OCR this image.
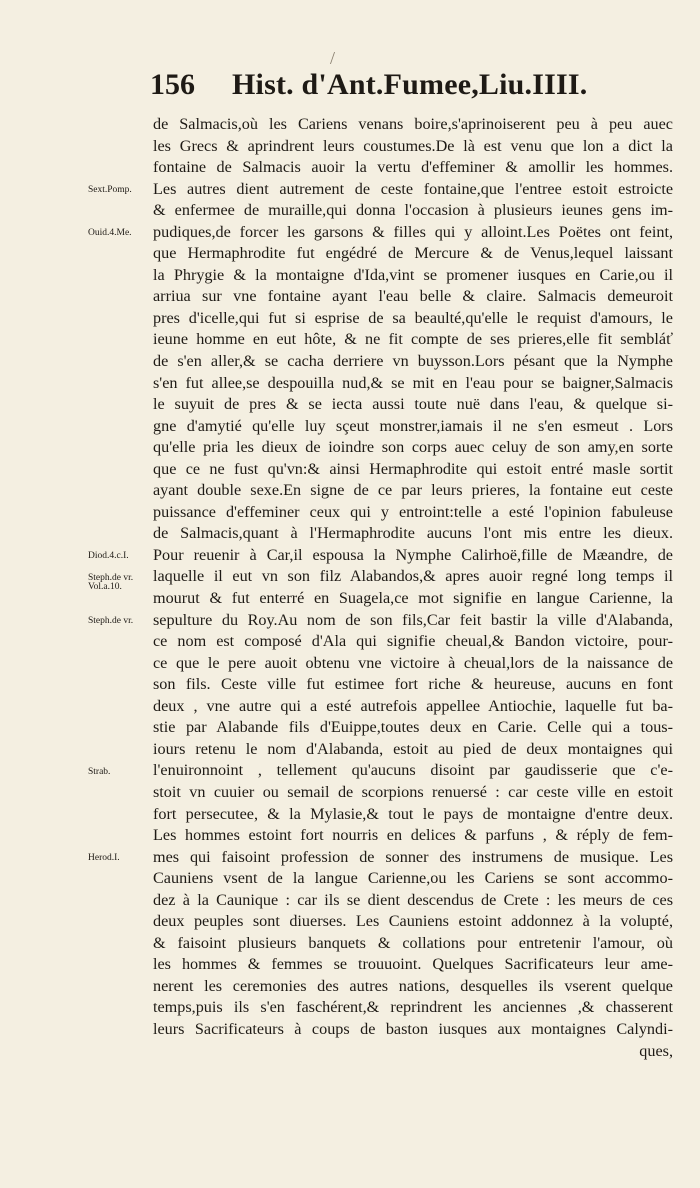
/
156 Hist. d'Ant.Fumee,Liu.IIII.
Sext.Pomp.
Ouid.4.Me.
Diod.4.c.I.
Steph.de vr.
Vol.a.10.
Steph.de vr.
Strab.
Herod.I.
de Salmacis,où les Cariens venans boire,s'aprinoiserent peu à peu auec
les Grecs & aprindrent leurs coustumes.De là est venu que lon a dict la
fontaine de Salmacis auoir la vertu d'effeminer & amollir les hommes.
Les autres dient autrement de ceste fontaine,que l'entree estoit estroicte
& enfermee de muraille,qui donna l'occasion à plusieurs ieunes gens im-
pudiques,de forcer les garsons & filles qui y alloint.Les Poëtes ont feint,
que Hermaphrodite fut engédré de Mercure & de Venus,lequel laissant
la Phrygie & la montaigne d'Ida,vint se promener iusques en Carie,ou il
arriua sur vne fontaine ayant l'eau belle & claire. Salmacis demeuroit
pres d'icelle,qui fut si esprise de sa beaulté,qu'elle le requist d'amours, le
ieune homme en eut hôte, & ne fit compte de ses prieres,elle fit sembláť
de s'en aller,& se cacha derriere vn buysson.Lors pésant que la Nymphe
s'en fut allee,se despouilla nud,& se mit en l'eau pour se baigner,Salmacis
le suyuit de pres & se iecta aussi toute nuë dans l'eau, & quelque si-
gne d'amytié qu'elle luy sçeut monstrer,iamais il ne s'en esmeut . Lors
qu'elle pria les dieux de ioindre son corps auec celuy de son amy,en sorte
que ce ne fust qu'vn:& ainsi Hermaphrodite qui estoit entré masle sortit
ayant double sexe.En signe de ce par leurs prieres, la fontaine eut ceste
puissance d'effeminer ceux qui y entroint:telle a esté l'opinion fabuleuse
de Salmacis,quant à l'Hermaphrodite aucuns l'ont mis entre les dieux.
Pour reuenir à Car,il espousa la Nymphe Calirhoë,fille de Mæandre, de
laquelle il eut vn son filz Alabandos,& apres auoir regné long temps il
mourut & fut enterré en Suagela,ce mot signifie en langue Carienne, la
sepulture du Roy.Au nom de son fils,Car feit bastir la ville d'Alabanda,
ce nom est composé d'Ala qui signifie cheual,& Bandon victoire, pour-
ce que le pere auoit obtenu vne victoire à cheual,lors de la naissance de
son fils. Ceste ville fut estimee fort riche & heureuse, aucuns en font
deux , vne autre qui a esté autrefois appellee Antiochie, laquelle fut ba-
stie par Alabande fils d'Euippe,toutes deux en Carie. Celle qui a tous-
iours retenu le nom d'Alabanda, estoit au pied de deux montaignes qui
l'enuironnoint , tellement qu'aucuns disoint par gaudisserie que c'e-
stoit vn cuuier ou semail de scorpions renuersé : car ceste ville en estoit
fort persecutee, & la Mylasie,& tout le pays de montaigne d'entre deux.
Les hommes estoint fort nourris en delices & parfuns , & réply de fem-
mes qui faisoint profession de sonner des instrumens de musique. Les
Cauniens vsent de la langue Carienne,ou les Cariens se sont accommo-
dez à la Caunique : car ils se dient descendus de Crete : les meurs de ces
deux peuples sont diuerses. Les Cauniens estoint addonnez à la volupté,
& faisoint plusieurs banquets & collations pour entretenir l'amour, où
les hommes & femmes se trouuoint. Quelques Sacrificateurs leur ame-
nerent les ceremonies des autres nations, desquelles ils vserent quelque
temps,puis ils s'en faschérent,& reprindrent les anciennes ,& chasserent
leurs Sacrificateurs à coups de baston iusques aux montaignes Calyndi-
ques,
